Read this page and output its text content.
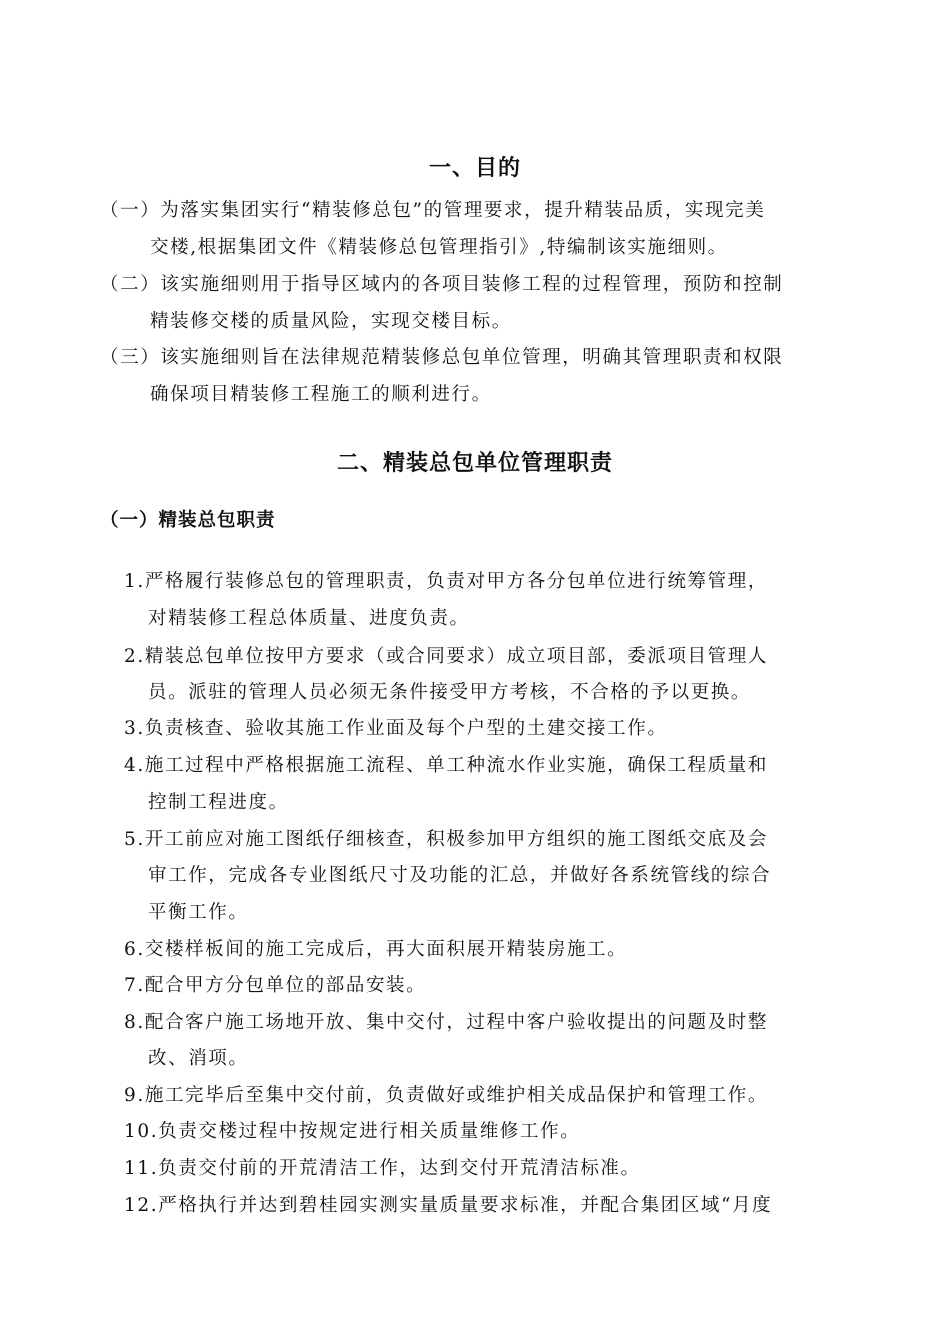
一、目的

（一）为落实集团实行“精装修总包”的管理要求，提升精装品质，实现完美

交楼,根据集团文件《精装修总包管理指引》,特编制该实施细则。

（二）该实施细则用于指导区域内的各项目装修工程的过程管理，预防和控制

精装修交楼的质量风险，实现交楼目标。

（三）该实施细则旨在法律规范精装修总包单位管理，明确其管理职责和权限

确保项目精装修工程施工的顺利进行。

二、精装总包单位管理职责
（一）精装总包职责

1.严格履行装修总包的管理职责，负责对甲方各分包单位进行统筹管理，

对精装修工程总体质量、进度负责。

2.精装总包单位按甲方要求（或合同要求）成立项目部，委派项目管理人

员。派驻的管理人员必须无条件接受甲方考核，不合格的予以更换。

3.负责核查、验收其施工作业面及每个户型的土建交接工作。

4.施工过程中严格根据施工流程、单工种流水作业实施，确保工程质量和

控制工程进度。

5.开工前应对施工图纸仔细核查，积极参加甲方组织的施工图纸交底及会

审工作，完成各专业图纸尺寸及功能的汇总，并做好各系统管线的综合

平衡工作。

6.交楼样板间的施工完成后，再大面积展开精装房施工。

7.配合甲方分包单位的部品安装。

8.配合客户施工场地开放、集中交付，过程中客户验收提出的问题及时整

改、消项。

9.施工完毕后至集中交付前，负责做好或维护相关成品保护和管理工作。

10.负责交楼过程中按规定进行相关质量维修工作。

11.负责交付前的开荒清洁工作，达到交付开荒清洁标准。

12.严格执行并达到碧桂园实测实量质量要求标准，并配合集团区域“月度
